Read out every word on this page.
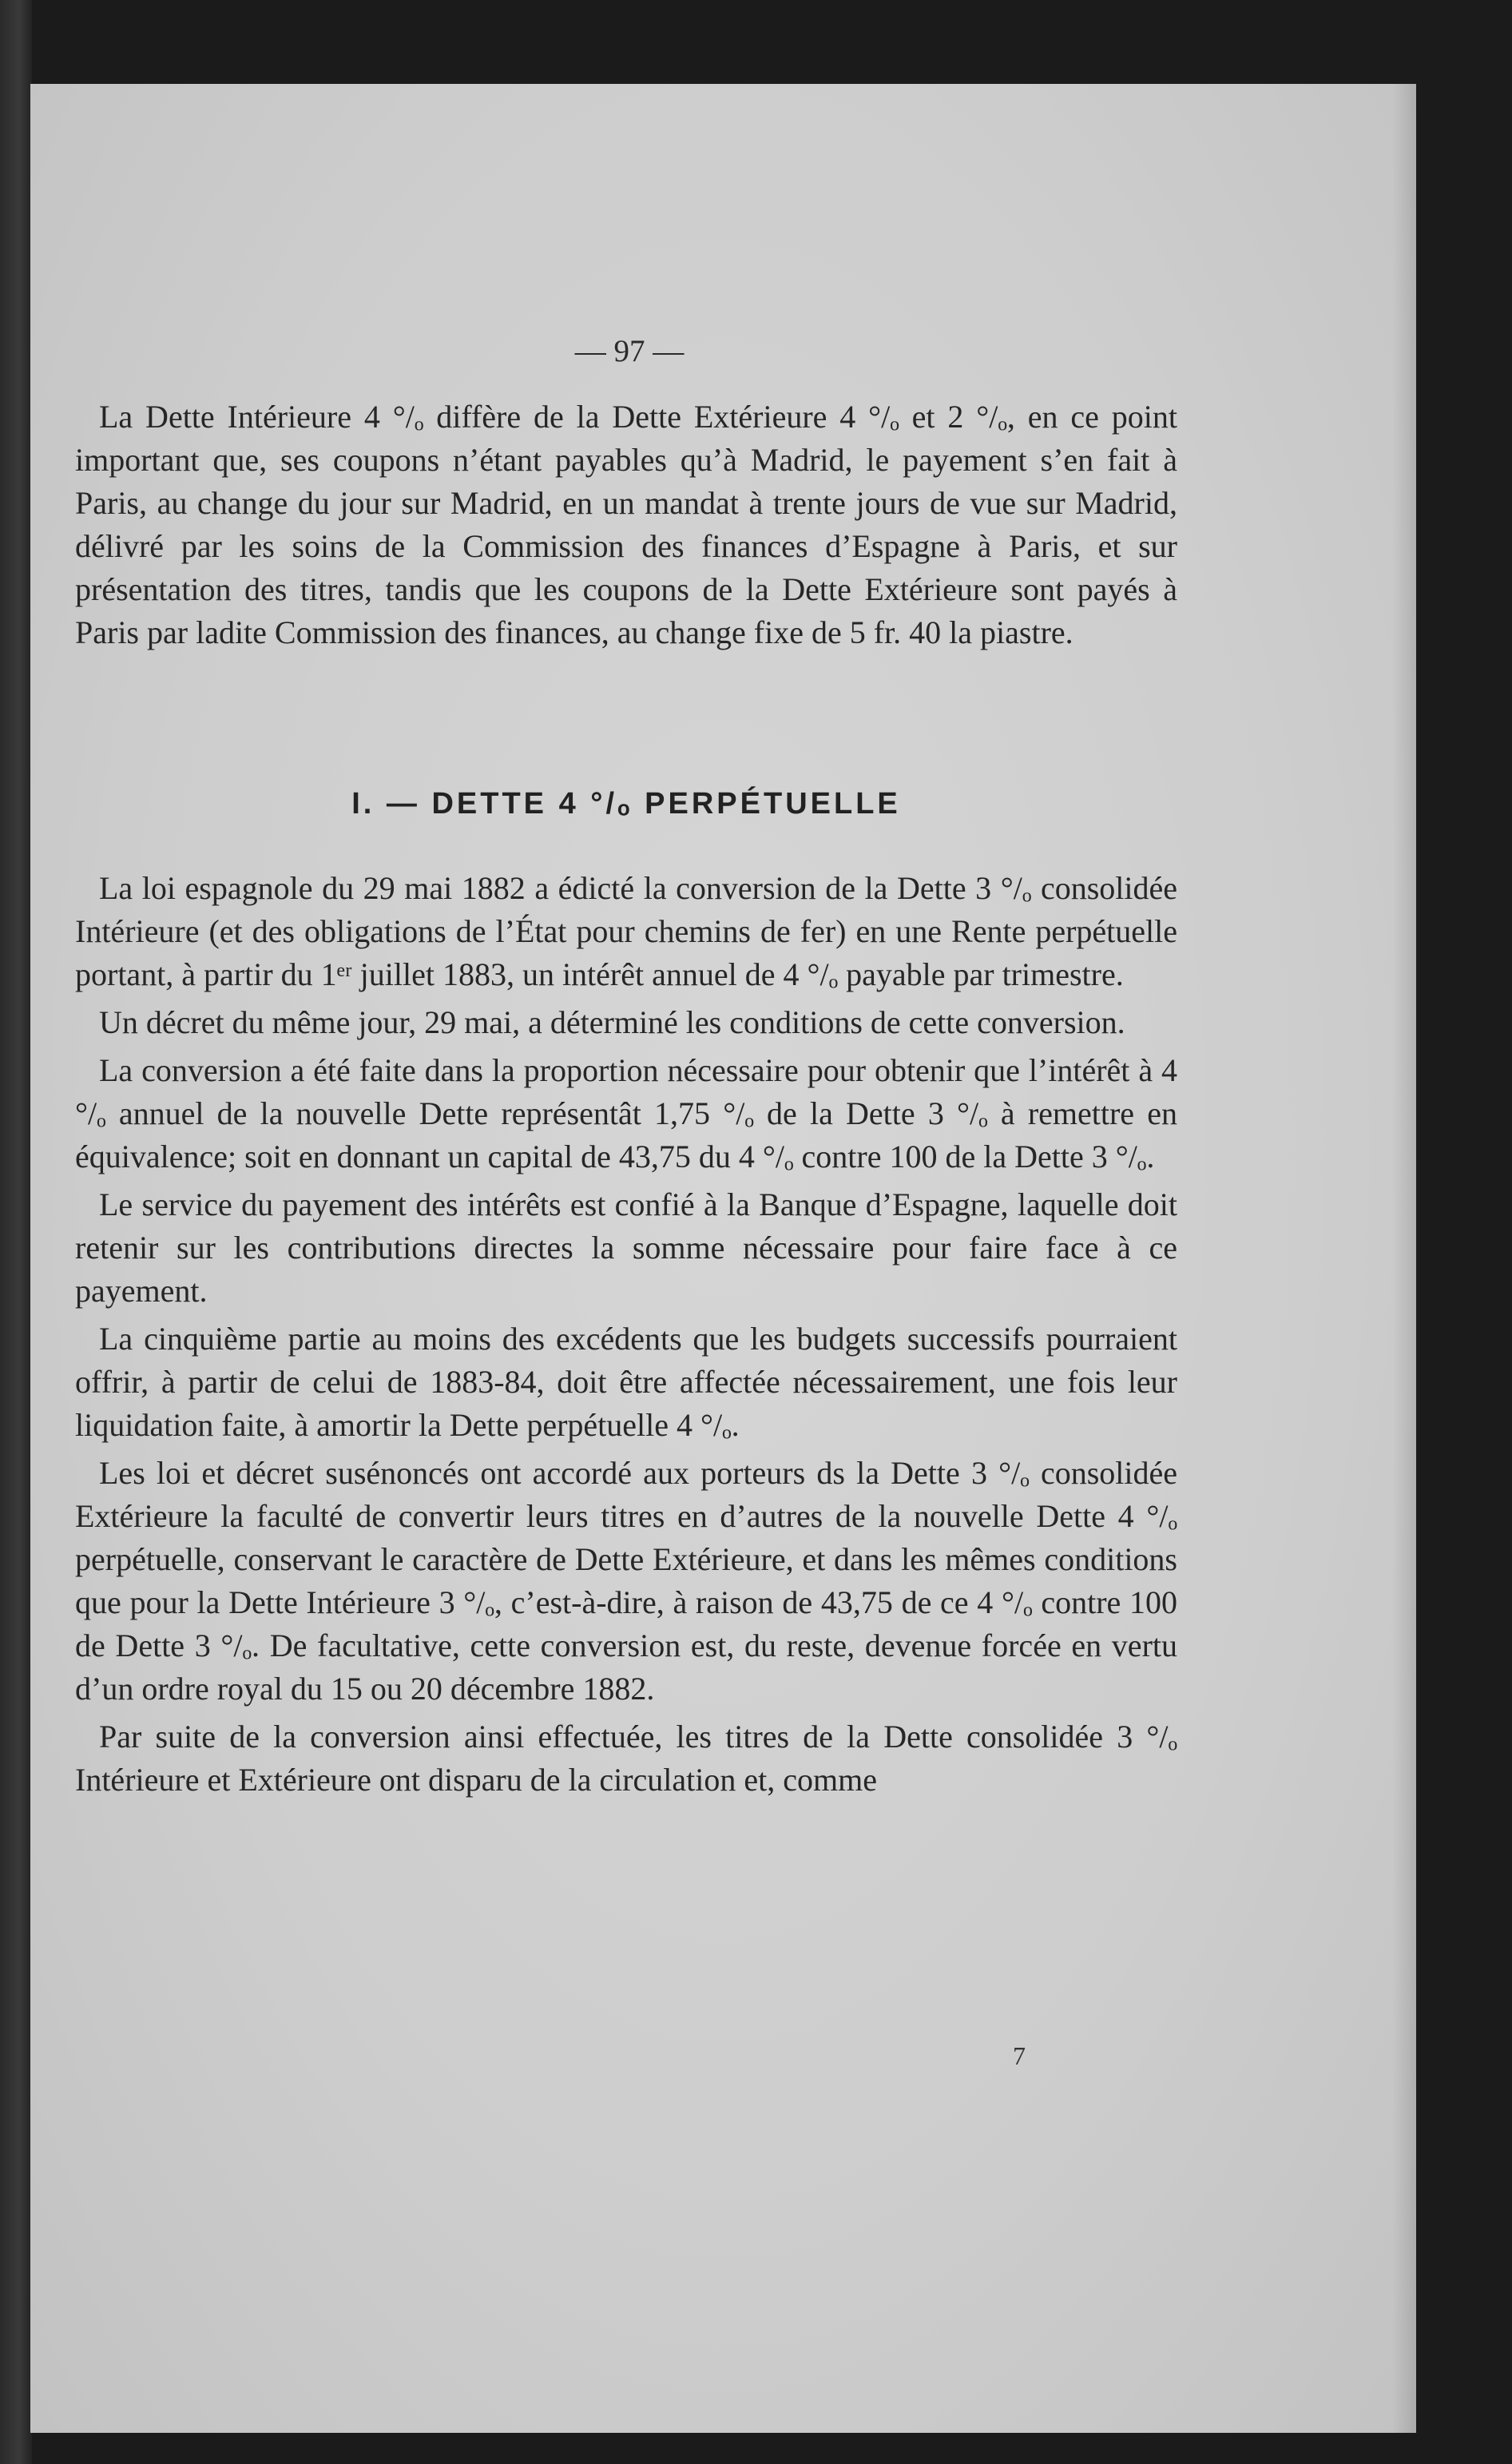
— 97 —

La Dette Intérieure 4 °/ₒ diffère de la Dette Extérieure 4 °/ₒ et 2 °/ₒ, en ce point important que, ses coupons n’étant payables qu’à Madrid, le payement s’en fait à Paris, au change du jour sur Madrid, en un mandat à trente jours de vue sur Madrid, délivré par les soins de la Commission des finances d’Espagne à Paris, et sur présentation des titres, tandis que les coupons de la Dette Extérieure sont payés à Paris par ladite Commission des finances, au change fixe de 5 fr. 40 la piastre.

I. — DETTE 4 °/ₒ PERPÉTUELLE

La loi espagnole du 29 mai 1882 a édicté la conversion de la Dette 3 °/ₒ consolidée Intérieure (et des obligations de l’État pour chemins de fer) en une Rente perpétuelle portant, à partir du 1ᵉʳ juillet 1883, un intérêt annuel de 4 °/ₒ payable par trimestre.

Un décret du même jour, 29 mai, a déterminé les conditions de cette conversion.

La conversion a été faite dans la proportion nécessaire pour obtenir que l’intérêt à 4 °/ₒ annuel de la nouvelle Dette représentât 1,75 °/ₒ de la Dette 3 °/ₒ à remettre en équivalence; soit en donnant un capital de 43,75 du 4 °/ₒ contre 100 de la Dette 3 °/ₒ.

Le service du payement des intérêts est confié à la Banque d’Espagne, laquelle doit retenir sur les contributions directes la somme nécessaire pour faire face à ce payement.

La cinquième partie au moins des excédents que les budgets successifs pourraient offrir, à partir de celui de 1883-84, doit être affectée nécessairement, une fois leur liquidation faite, à amortir la Dette perpétuelle 4 °/ₒ.

Les loi et décret susénoncés ont accordé aux porteurs ds la Dette 3 °/ₒ consolidée Extérieure la faculté de convertir leurs titres en d’autres de la nouvelle Dette 4 °/ₒ perpétuelle, conservant le caractère de Dette Extérieure, et dans les mêmes conditions que pour la Dette Intérieure 3 °/ₒ, c’est-à-dire, à raison de 43,75 de ce 4 °/ₒ contre 100 de Dette 3 °/ₒ. De facultative, cette conversion est, du reste, devenue forcée en vertu d’un ordre royal du 15 ou 20 décembre 1882.

Par suite de la conversion ainsi effectuée, les titres de la Dette consolidée 3 °/ₒ Intérieure et Extérieure ont disparu de la circulation et, comme

7
